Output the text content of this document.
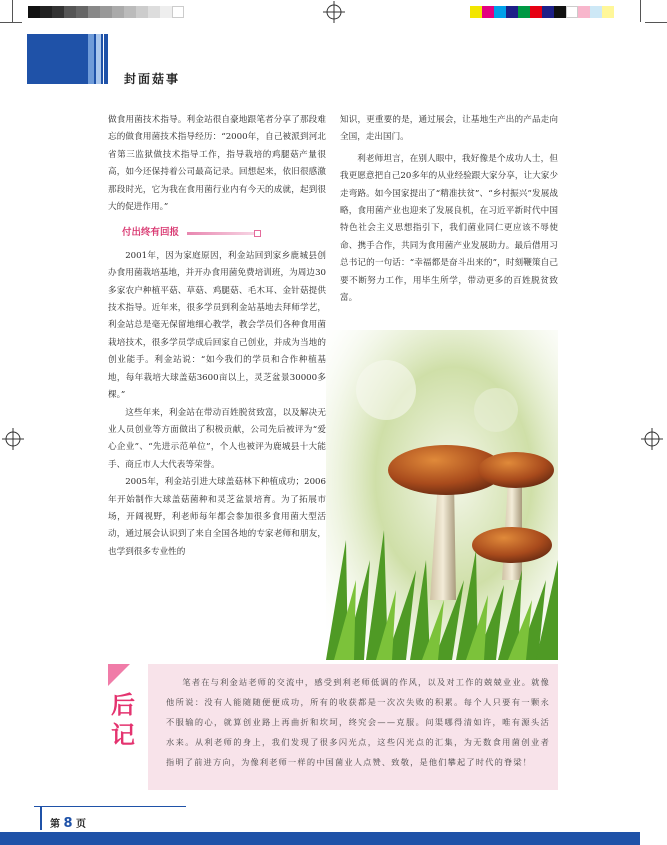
封面菇事

做食用菌技术指导。利金站很自豪地跟笔者分享了那段难忘的做食用菌技术指导经历：“2000年，自己被派到河北省第三监狱做技术指导工作，指导栽培的鸡腿菇产量很高，如今还保持着公司最高记录。回想起来，依旧很感激那段时光，它为我在食用菌行业内有今天的成就，起到很大的促进作用。”

付出终有回报

2001年，因为家庭原因，利金站回到家乡鹿城县创办食用菌栽培基地，并开办食用菌免费培训班，为周边30多家农户种植平菇、草菇、鸡腿菇、毛木耳、金针菇提供技术指导。近年来，很多学员到利金站基地去拜师学艺，利金站总是毫无保留地细心教学，教会学员们各种食用菌栽培技术，很多学员学成后回家自己创业，并成为当地的创业能手。利金站说：“如今我们的学员和合作种植基地，每年栽培大球盖菇3600亩以上，灵芝盆景30000多棵。”

这些年来，利金站在带动百姓脱贫致富，以及解决无业人员创业等方面做出了积极贡献，公司先后被评为“爱心企业”、“先进示范单位”，个人也被评为鹿城县十大能手、商丘市人大代表等荣誉。

2005年，利金站引进大球盖菇林下种植成功；2006年开始制作大球盖菇菌种和灵芝盆景培育。为了拓展市场，开阔视野，利老师每年都会参加很多食用菌大型活动，通过展会认识到了来自全国各地的专家老师和朋友，也学到很多专业性的

知识，更重要的是，通过展会，让基地生产出的产品走向全国，走出国门。

利老师坦言，在别人眼中，我好像是个成功人士，但我更愿意把自己20多年的从业经验跟大家分享，让大家少走弯路。如今国家提出了“精准扶贫”、“乡村振兴”发展战略，食用菌产业也迎来了发展良机，在习近平新时代中国特色社会主义思想指引下，我们菌业同仁更应该不辱使命、携手合作，共同为食用菌产业发展助力。最后借用习总书记的一句话：“幸福都是奋斗出来的”，时刻鞭策自己要不断努力工作，用毕生所学，带动更多的百姓脱贫致富。

后
记
笔者在与利金站老师的交流中，感受到利老师低调的作风，以及对工作的兢兢业业。就像他所说：没有人能随随便便成功，所有的收获都是一次次失败的积累。每个人只要有一颗永不服输的心，就算创业路上再曲折和坎坷，终究会——克服。问渠哪得清如许，唯有源头活水来。从利老师的身上，我们发现了很多闪光点，这些闪光点的汇集，为无数食用菌创业者指明了前进方向，为像利老师一样的中国菌业人点赞、致敬，是他们攀起了时代的脊梁！
第 8 页
